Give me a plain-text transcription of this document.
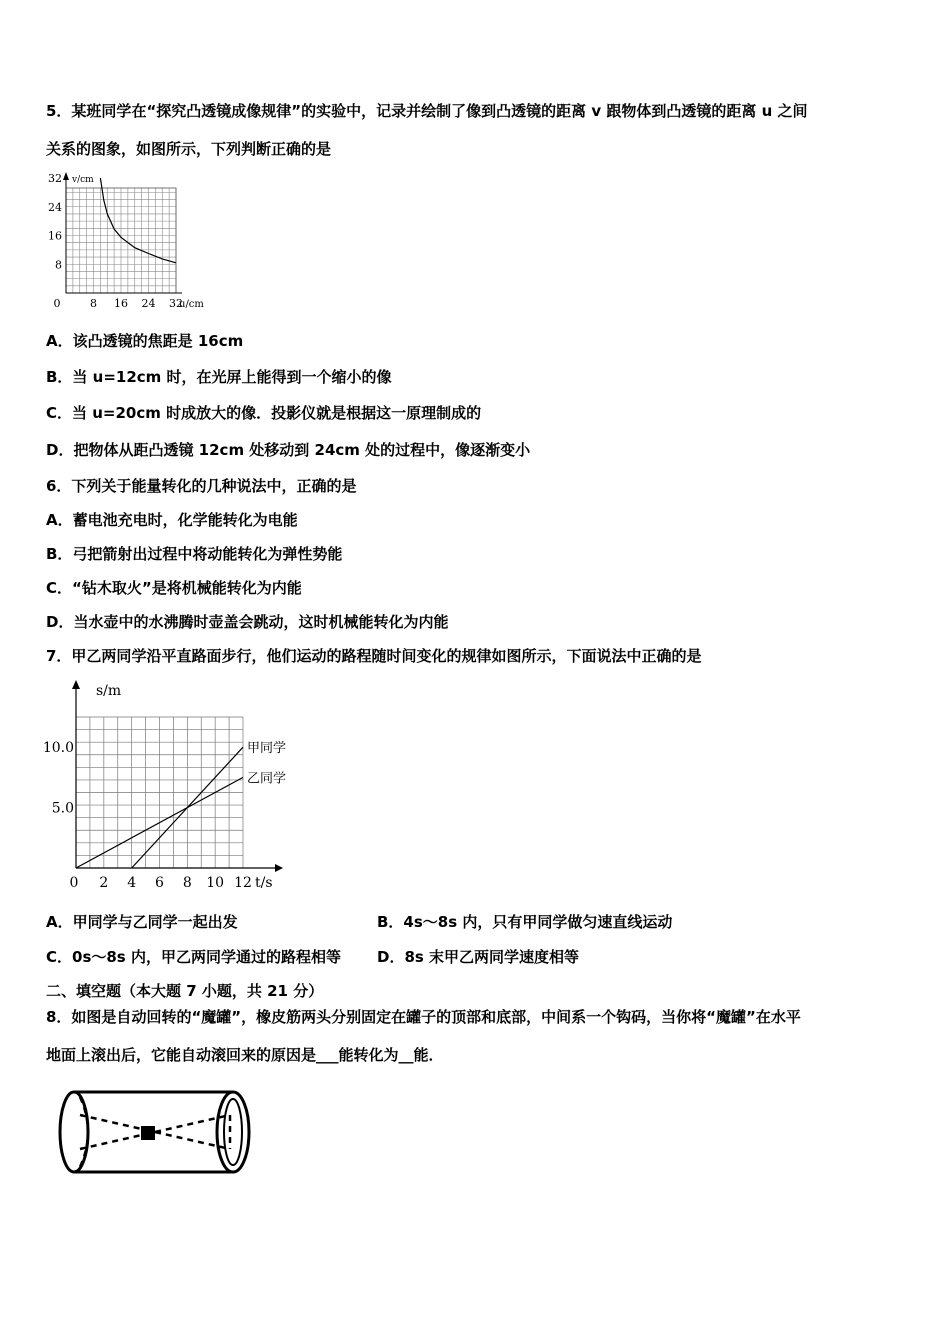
5．某班同学在“探究凸透镜成像规律”的实验中，记录并绘制了像到凸透镜的距离 v 跟物体到凸透镜的距离 u 之间
关系的图象，如图所示，下列判断正确的是
0	8 16 24 32
8
16
24
32
u/cm
v/cm
A．该凸透镜的焦距是 16cm
B．当 u=12cm 时，在光屏上能得到一个缩小的像
C．当 u=20cm 时成放大的像．投影仪就是根据这一原理制成的
D．把物体从距凸透镜 12cm 处移动到 24cm 处的过程中，像逐渐变小
6．下列关于能量转化的几种说法中，正确的是
A．蓄电池充电时，化学能转化为电能
B．弓把箭射出过程中将动能转化为弹性势能
C．“钻木取火”是将机械能转化为内能
D．当水壶中的水沸腾时壶盖会跳动，这时机械能转化为内能
7．甲乙两同学沿平直路面步行，他们运动的路程随时间变化的规律如图所示，下面说法中正确的是
0 2 4 6 8 10 12
5.0
10.0
t/s
s/m
甲同学
乙同学
A．甲同学与乙同学一起出发	B．4s～8s 内，只有甲同学做匀速直线运动
C．0s～8s 内，甲乙两同学通过的路程相等 D．8s 末甲乙两同学速度相等
二、填空题（本大题 7 小题，共 21 分）
8．如图是自动回转的“魔罐”，橡皮筋两头分别固定在罐子的顶部和底部，中间系一个钩码，当你将“魔罐”在水平
地面上滚出后，它能自动滚回来的原因是___能转化为__能．
